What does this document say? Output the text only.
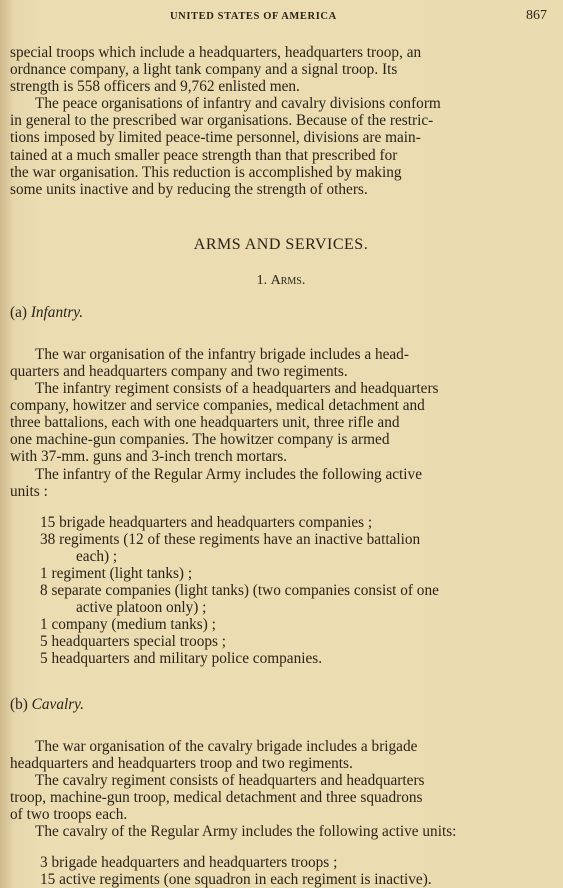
UNITED STATES OF AMERICA	867

special troops which include a headquarters, headquarters troop, an
ordnance company, a light tank company and a signal troop. Its
strength is 558 officers and 9,762 enlisted men.

The peace organisations of infantry and cavalry divisions conform
in general to the prescribed war organisations. Because of the restric-
tions imposed by limited peace-time personnel, divisions are main-
tained at a much smaller peace strength than that prescribed for
the war organisation. This reduction is accomplished by making
some units inactive and by reducing the strength of others.

ARMS AND SERVICES.
1. Arms.
(a) Infantry.

The war organisation of the infantry brigade includes a head-
quarters and headquarters company and two regiments.

The infantry regiment consists of a headquarters and headquarters
company, howitzer and service companies, medical detachment and
three battalions, each with one headquarters unit, three rifle and
one machine-gun companies. The howitzer company is armed
with 37-mm. guns and 3-inch trench mortars.

The infantry of the Regular Army includes the following active
units :

15 brigade headquarters and headquarters companies ;
38 regiments (12 of these regiments have an inactive battalion
each) ;
1 regiment (light tanks) ;
8 separate companies (light tanks) (two companies consist of one
active platoon only) ;
1 company (medium tanks) ;
5 headquarters special troops ;
5 headquarters and military police companies.
(b) Cavalry.

The war organisation of the cavalry brigade includes a brigade
headquarters and headquarters troop and two regiments.

The cavalry regiment consists of headquarters and headquarters
troop, machine-gun troop, medical detachment and three squadrons
of two troops each.

The cavalry of the Regular Army includes the following active units:

3 brigade headquarters and headquarters troops ;
15 active regiments (one squadron in each regiment is inactive).
